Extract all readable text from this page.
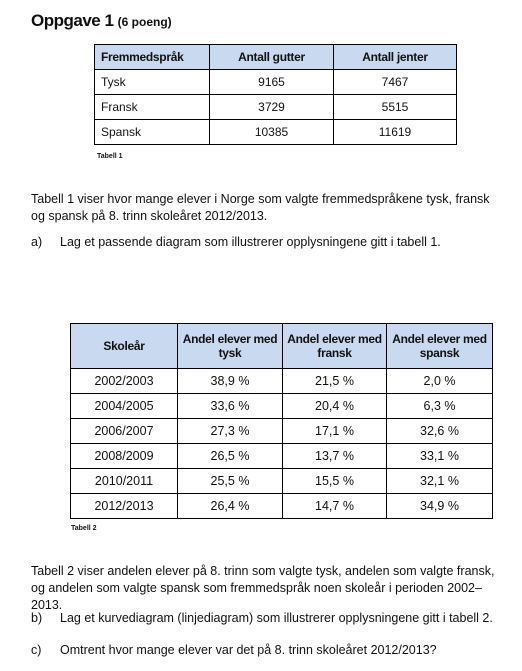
Oppgave 1 (6 poeng)
Fremmedspråk	Antall gutter	Antall jenter
Tysk	9165	7467
Fransk	3729	5515
Spansk	10385	11619
Tabell 1
Tabell 1 viser hvor mange elever i Norge som valgte fremmedspråkene tysk, fransk og spansk på 8. trinn skoleåret 2012/2013.
a) Lag et passende diagram som illustrerer opplysningene gitt i tabell 1.
Skoleår	Andel elever med tysk	Andel elever med fransk	Andel elever med spansk
2002/2003	38,9 %	21,5 %	2,0 %
2004/2005	33,6 %	20,4 %	6,3 %
2006/2007	27,3 %	17,1 %	32,6 %
2008/2009	26,5 %	13,7 %	33,1 %
2010/2011	25,5 %	15,5 %	32,1 %
2012/2013	26,4 %	14,7 %	34,9 %
Tabell 2
Tabell 2 viser andelen elever på 8. trinn som valgte tysk, andelen som valgte fransk, og andelen som valgte spansk som fremmedspråk noen skoleår i perioden 2002–2013.
b) Lag et kurvediagram (linjediagram) som illustrerer opplysningene gitt i tabell 2.
c) Omtrent hvor mange elever var det på 8. trinn skoleåret 2012/2013?
